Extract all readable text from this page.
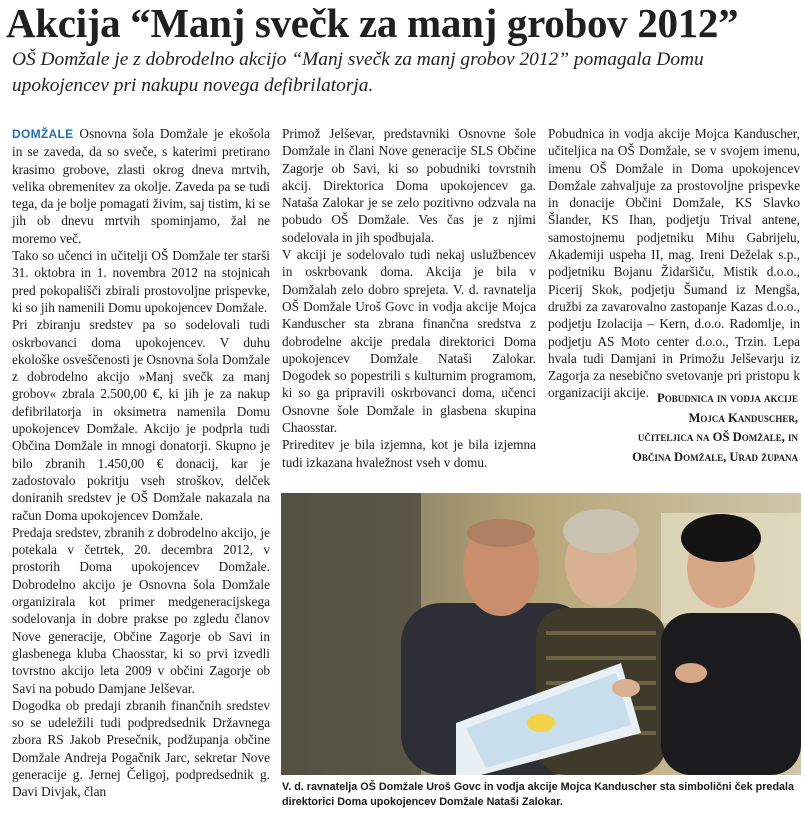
Akcija “Manj svečk za manj grobov 2012”
OŠ Domžale je z dobrodelno akcijo “Manj svečk za manj grobov 2012” pomagala Domu upokojencev pri nakupu novega defibrilatorja.

DOMŽALE Osnovna šola Domžale je ekošola in se zaveda, da so sveče, s katerimi pretirano krasimo grobove, zlasti okrog dneva mrtvih, velika obremenitev za okolje. Zaveda pa se tudi tega, da je bolje pomagati živim, saj tistim, ki se jih ob dnevu mrtvih spominjamo, žal ne moremo več.

Tako so učenci in učitelji OŠ Domžale ter starši 31. oktobra in 1. novembra 2012 na stojnicah pred pokopališči zbirali prostovoljne prispevke, ki so jih namenili Domu upokojencev Domžale.

Pri zbiranju sredstev pa so sodelovali tudi oskrbovanci doma upokojencev. V duhu ekološke osveščenosti je Osnovna šola Domžale z dobrodelno akcijo »Manj svečk za manj grobov« zbrala 2.500,00 €, ki jih je za nakup defibrilatorja in oksimetra namenila Domu upokojencev Domžale. Akcijo je podprla tudi Občina Domžale in mnogi donatorji. Skupno je bilo zbranih 1.450,00 € donacij, kar je zadostovalo pokritju vseh stroškov, delček doniranih sredstev je OŠ Domžale nakazala na račun Doma upokojencev Domžale.

Predaja sredstev, zbranih z dobrodelno akcijo, je potekala v četrtek, 20. decembra 2012, v prostorih Doma upokojencev Domžale. Dobrodelno akcijo je Osnovna šola Domžale organizirala kot primer medgeneracijskega sodelovanja in dobre prakse po zgledu članov Nove generacije, Občine Zagorje ob Savi in glasbenega kluba Chaosstar, ki so prvi izvedli tovrstno akcijo leta 2009 v občini Zagorje ob Savi na pobudo Damjane Jelševar.

Dogodka ob predaji zbranih finančnih sredstev so se udeležili tudi podpredsednik Državnega zbora RS Jakob Presečnik, podžupanja občine Domžale Andreja Pogačnik Jarc, sekretar Nove generacije g. Jernej Čeligoj, podpredsednik g. Davi Divjak, član

Primož Jelševar, predstavniki Osnovne šole Domžale in člani Nove generacije SLS Občine Zagorje ob Savi, ki so pobudniki tovrstnih akcij. Direktorica Doma upokojencev ga. Nataša Zalokar je se zelo pozitivno odzvala na pobudo OŠ Domžale. Ves čas je z njimi sodelovala in jih spodbujala.

V akciji je sodelovalo tudi nekaj uslužbencev in oskrbovank doma. Akcija je bila v Domžalah zelo dobro sprejeta. V. d. ravnatelja OŠ Domžale Uroš Govc in vodja akcije Mojca Kanduscher sta zbrana finančna sredstva z dobrodelne akcije predala direktorici Doma upokojencev Domžale Nataši Zalokar. Dogodek so popestrili s kulturnim programom, ki so ga pripravili oskrbovanci doma, učenci Osnovne šole Domžale in glasbena skupina Chaosstar.

Prireditev je bila izjemna, kot je bila izjemna tudi izkazana hvaležnost vseh v domu.

Pobudnica in vodja akcije Mojca Kanduscher, učiteljica na OŠ Domžale, se v svojem imenu, imenu OŠ Domžale in Doma upokojencev Domžale zahvaljuje za prostovoljne prispevke in donacije Občini Domžale, KS Slavko Šlander, KS Ihan, podjetju Trival antene, samostojnemu podjetniku Mihu Gabrijelu, Akademiji uspeha II, mag. Ireni Deželak s.p., podjetniku Bojanu Židaršiču, Mistik d.o.o., Picerij Skok, podjetju Šumand iz Mengša, družbi za zavarovalno zastopanje Kazas d.o.o., podjetju Izolacija – Kern, d.o.o. Radomlje, in podjetju AS Moto center d.o.o., Trzin. Lepa hvala tudi Damjani in Primožu Jelševarju iz Zagorja za nesebično svetovanje pri pristopu k organizaciji akcije. Pobudnica in vodja akcije
Mojca Kanduscher,
učiteljica na OŠ Domžale, in
Občina Domžale, Urad župana
V. d. ravnatelja OŠ Domžale Uroš Govc in vodja akcije Mojca Kanduscher sta simbolični ček predala direktorici Doma upokojencev Domžale Nataši Zalokar.
